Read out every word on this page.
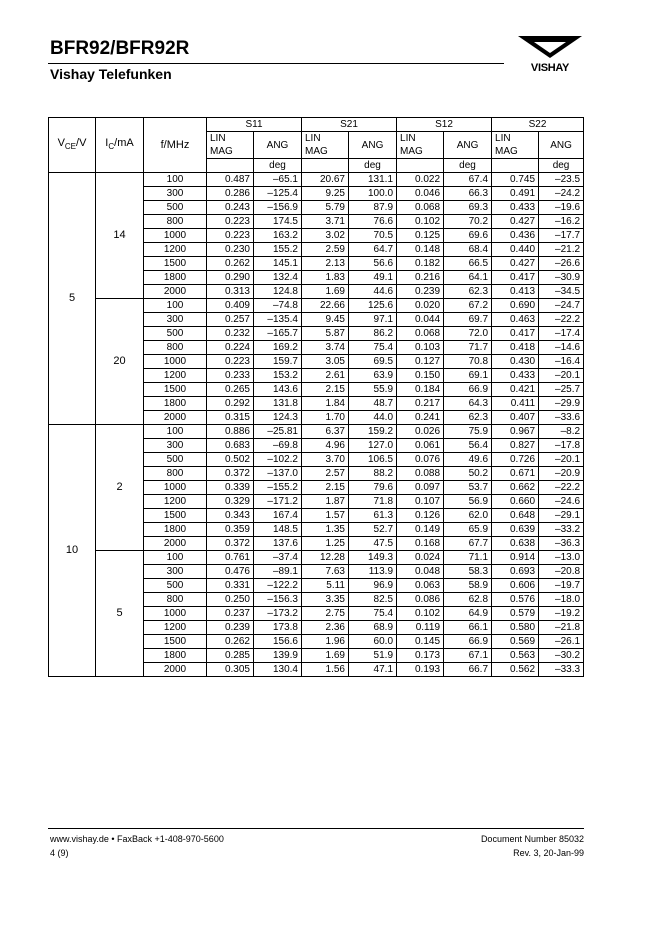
BFR92/BFR92R
Vishay Telefunken	VISHAY
$V_{CE}/V$	$I_C/mA$	f/MHz	S11		S21		S12		S22	
			LIN MAG	ANG	LIN MAG	ANG	LIN MAG	ANG	LIN MAG	ANG
				deg		deg		deg		deg
5	14	100	0.487	–65.1	20.67	131.1	0.022	67.4	0.745	–23.5
		300	0.286	–125.4	9.25	100.0	0.046	66.3	0.491	–24.2
		500	0.243	–156.9	5.79	87.9	0.068	69.3	0.433	–19.6
		800	0.223	174.5	3.71	76.6	0.102	70.2	0.427	–16.2
		1000	0.223	163.2	3.02	70.5	0.125	69.6	0.436	–17.7
		1200	0.230	155.2	2.59	64.7	0.148	68.4	0.440	–21.2
		1500	0.262	145.1	2.13	56.6	0.182	66.5	0.427	–26.6
		1800	0.290	132.4	1.83	49.1	0.216	64.1	0.417	–30.9
		2000	0.313	124.8	1.69	44.6	0.239	62.3	0.413	–34.5
	20	100	0.409	–74.8	22.66	125.6	0.020	67.2	0.690	–24.7
		300	0.257	–135.4	9.45	97.1	0.044	69.7	0.463	–22.2
		500	0.232	–165.7	5.87	86.2	0.068	72.0	0.417	–17.4
		800	0.224	169.2	3.74	75.4	0.103	71.7	0.418	–14.6
		1000	0.223	159.7	3.05	69.5	0.127	70.8	0.430	–16.4
		1200	0.233	153.2	2.61	63.9	0.150	69.1	0.433	–20.1
		1500	0.265	143.6	2.15	55.9	0.184	66.9	0.421	–25.7
		1800	0.292	131.8	1.84	48.7	0.217	64.3	0.411	–29.9
		2000	0.315	124.3	1.70	44.0	0.241	62.3	0.407	–33.6
10	2	100	0.886	–25.81	6.37	159.2	0.026	75.9	0.967	–8.2
		300	0.683	–69.8	4.96	127.0	0.061	56.4	0.827	–17.8
		500	0.502	–102.2	3.70	106.5	0.076	49.6	0.726	–20.1
		800	0.372	–137.0	2.57	88.2	0.088	50.2	0.671	–20.9
		1000	0.339	–155.2	2.15	79.6	0.097	53.7	0.662	–22.2
		1200	0.329	–171.2	1.87	71.8	0.107	56.9	0.660	–24.6
		1500	0.343	167.4	1.57	61.3	0.126	62.0	0.648	–29.1
		1800	0.359	148.5	1.35	52.7	0.149	65.9	0.639	–33.2
		2000	0.372	137.6	1.25	47.5	0.168	67.7	0.638	–36.3
	5	100	0.761	–37.4	12.28	149.3	0.024	71.1	0.914	–13.0
		300	0.476	–89.1	7.63	113.9	0.048	58.3	0.693	–20.8
		500	0.331	–122.2	5.11	96.9	0.063	58.9	0.606	–19.7
		800	0.250	–156.3	3.35	82.5	0.086	62.8	0.576	–18.0
		1000	0.237	–173.2	2.75	75.4	0.102	64.9	0.579	–19.2
		1200	0.239	173.8	2.36	68.9	0.119	66.1	0.580	–21.8
		1500	0.262	156.6	1.96	60.0	0.145	66.9	0.569	–26.1
		1800	0.285	139.9	1.69	51.9	0.173	67.1	0.563	–30.2
		2000	0.305	130.4	1.56	47.1	0.193	66.7	0.562	–33.3
www.vishay.de • FaxBack +1-408-970-5600
4 (9)
Document Number 85032
Rev. 3, 20-Jan-99
